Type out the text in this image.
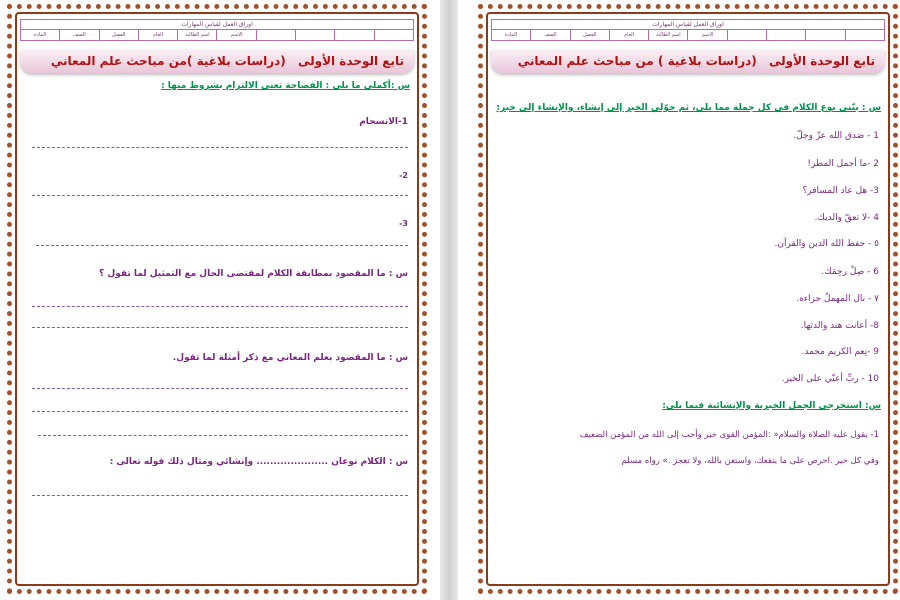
اوراق العمل لقياس المهارات
المادة	الصف	الفصل	العام	اسم الطالبة	الاسم
تابع الوحدة الأولى (دراسات بلاغية )من مباحث علم المعاني
س :أكملي ما يلي : الفصاحة تعنى الالتزام بشروط منها :
1-الانسجام
2-
3-
س : ما المقصود بمطابقة الكلام لمقتضى الحال مع التمثيل لما تقول ؟
س : ما المقصود بعلم المعاني مع ذكر أمثلة لما تقول.
س : الكلام نوعان ..................... وإنشائي ومثال ذلك قوله تعالى :
اوراق العمل لقياس المهارات
المادة	الصف	الفصل	العام	اسم الطالبة	الاسم
تابع الوحدة الأولى (دراسات بلاغية ) من مباحث علم المعاني
س : بيّني نوع الكلام في كل جملة مما يلي، ثم حوّلي الخبر إلى إنشاء، والإنشاء إلى خبر:
1 - صَدق الله عزّ وجلّ.
2 -ما أجمل المطر!
3- هل عاد المسافر؟
4 -لا تعقّ والديك.
٥ - حفظ الله الدين والقرآن.
6 - صِلْ رحِمَك.
٧ - نال المهملُ جزاءه.
8- أعانت هند والدتها.
9 -نِعم الكريم محمد.
10 - ربِّ أعنّي على الخير.
س: استخرجي الجمل الخبرية والإنشائية فيما يلي:
1- يقول عليه الصلاة والسلام« :المؤمن القوى خير وأحب إلى الله من المؤمن الضعيف
وفي كل خير .احرص على ما ينفعك، واستعن بالله، ولا تعجز .» رواه مسلم
